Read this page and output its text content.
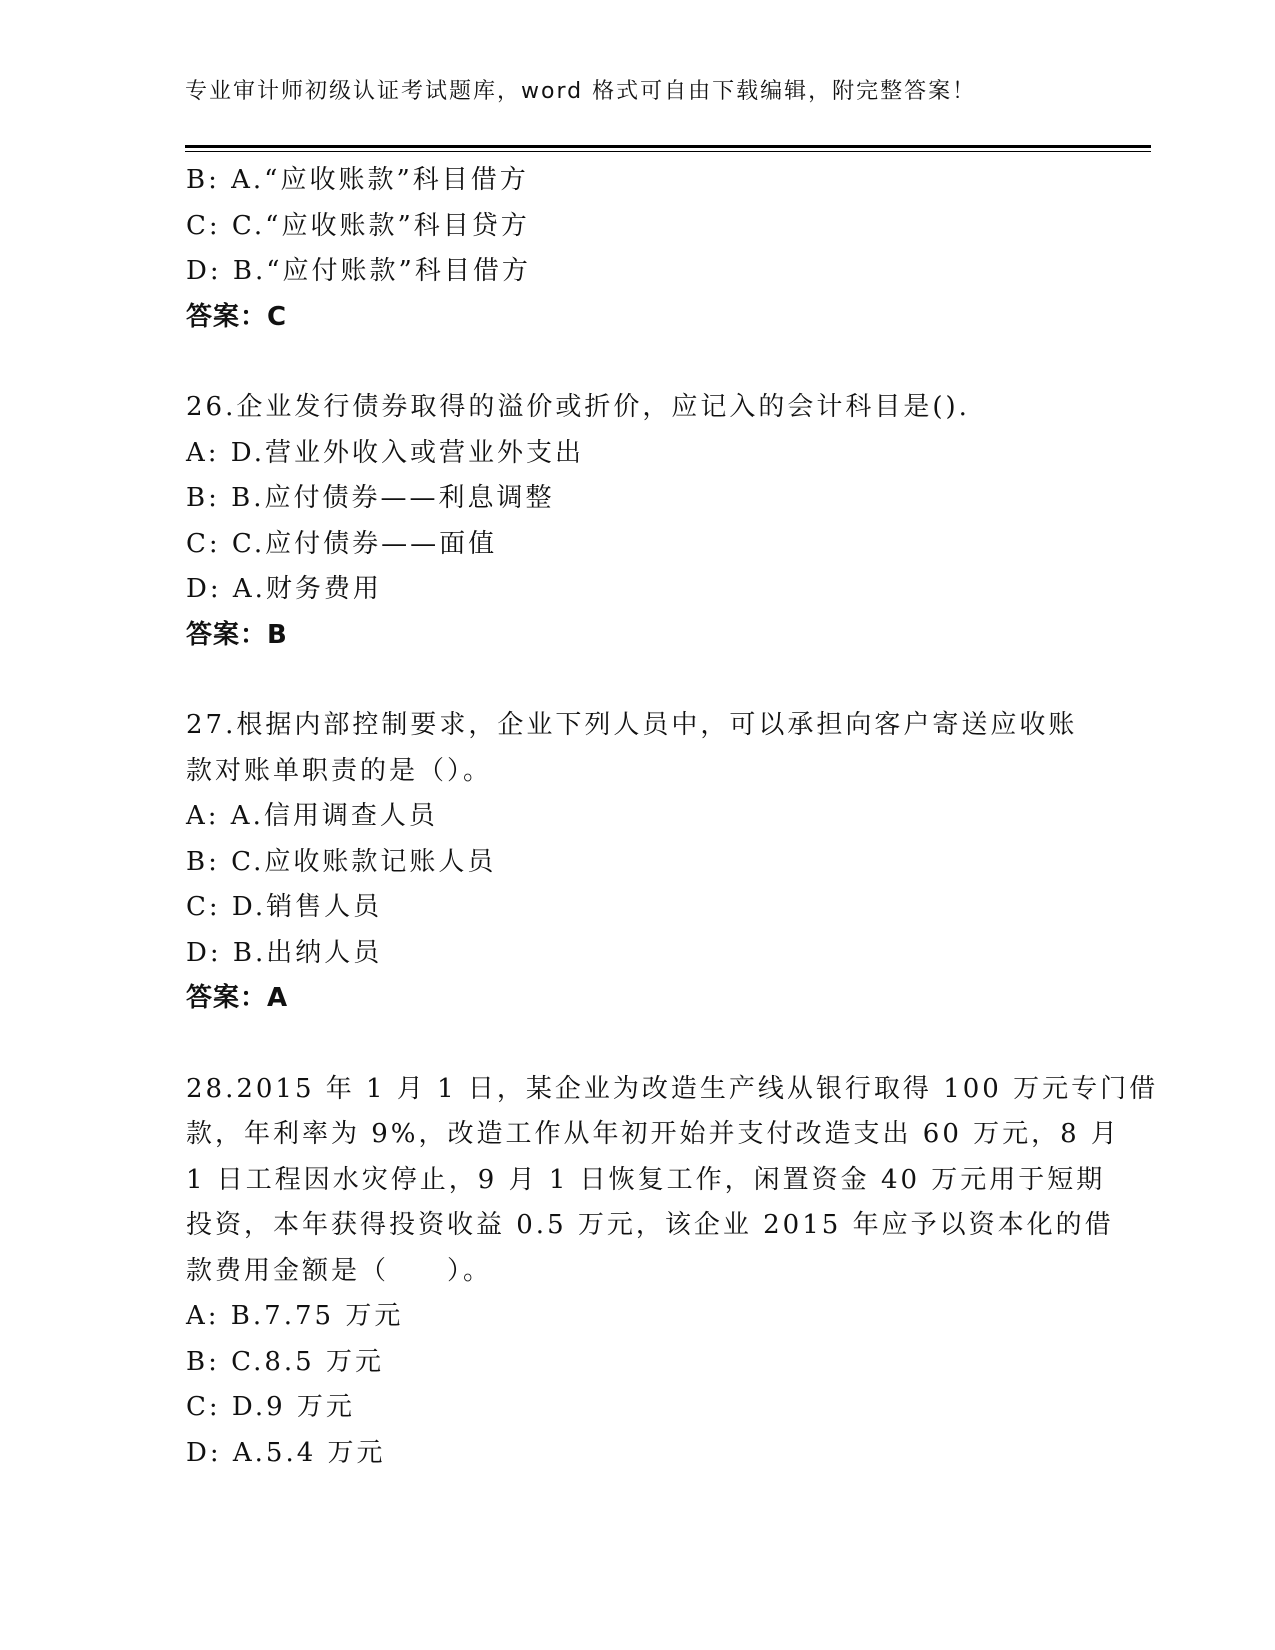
专业审计师初级认证考试题库，word 格式可自由下载编辑，附完整答案！
B: A.“应收账款”科目借方
C: C.“应收账款”科目贷方
D: B.“应付账款”科目借方
答案：C
26.企业发行债券取得的溢价或折价，应记入的会计科目是().
A: D.营业外收入或营业外支出
B: B.应付债券——利息调整
C: C.应付债券——面值
D: A.财务费用
答案：B
27.根据内部控制要求，企业下列人员中，可以承担向客户寄送应收账
款对账单职责的是（）。
A: A.信用调查人员
B: C.应收账款记账人员
C: D.销售人员
D: B.出纳人员
答案：A
28.2015 年 1 月 1 日，某企业为改造生产线从银行取得 100 万元专门借
款，年利率为 9%，改造工作从年初开始并支付改造支出 60 万元，8 月
1 日工程因水灾停止，9 月 1 日恢复工作，闲置资金 40 万元用于短期
投资，本年获得投资收益 0.5 万元，该企业 2015 年应予以资本化的借
款费用金额是（　　）。
A: B.7.75 万元
B: C.8.5 万元
C: D.9 万元
D: A.5.4 万元
